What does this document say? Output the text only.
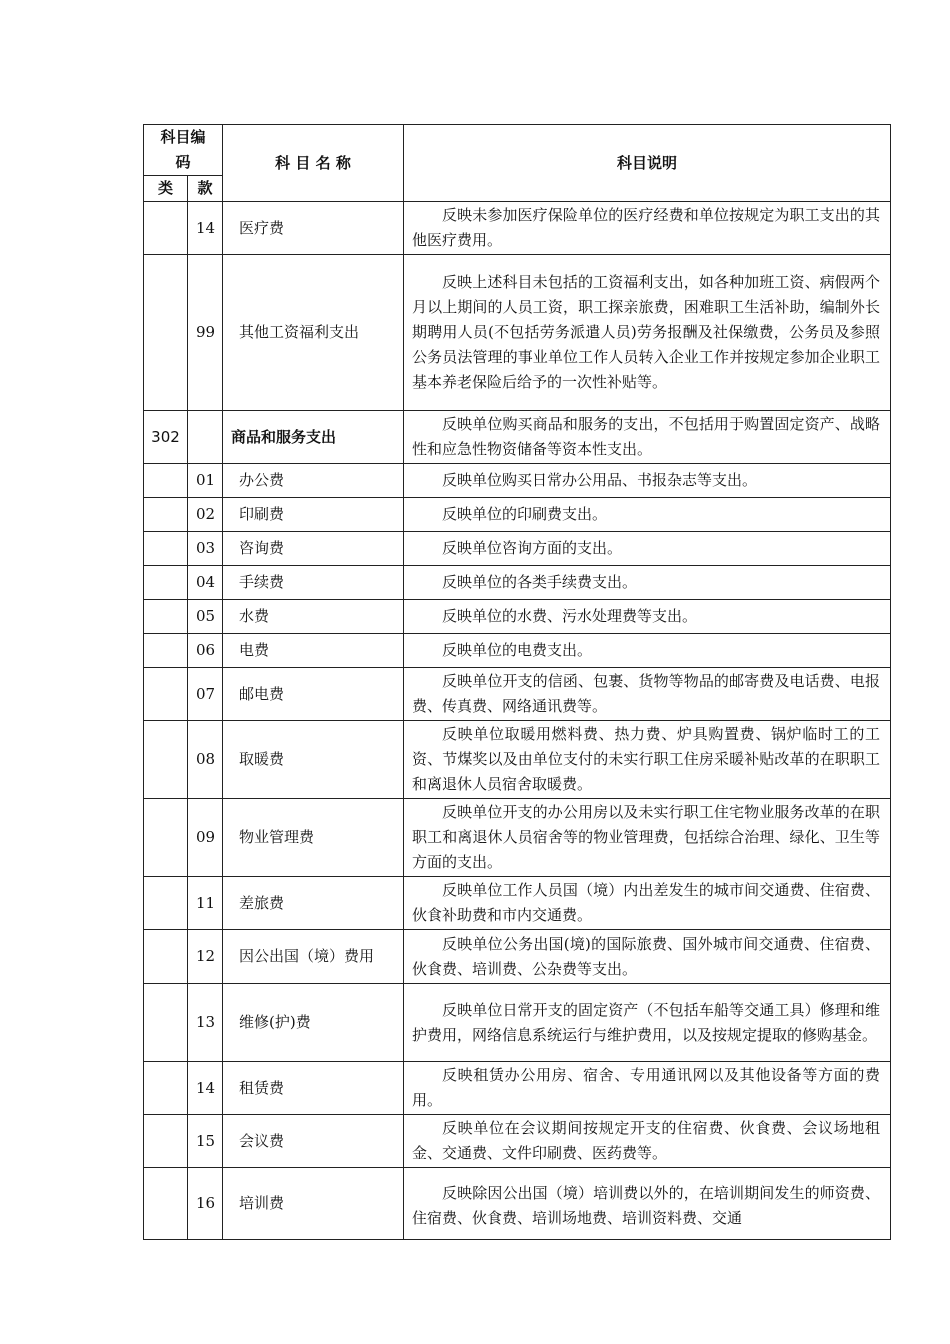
科目编码		科 目 名 称	科目说明
类	款		
	14	医疗费	反映未参加医疗保险单位的医疗经费和单位按规定为职工支出的其他医疗费用。
	99	其他工资福利支出	反映上述科目未包括的工资福利支出，如各种加班工资、病假两个月以上期间的人员工资，职工探亲旅费，困难职工生活补助，编制外长期聘用人员(不包括劳务派遣人员)劳务报酬及社保缴费，公务员及参照公务员法管理的事业单位工作人员转入企业工作并按规定参加企业职工基本养老保险后给予的一次性补贴等。
302		商品和服务支出	反映单位购买商品和服务的支出，不包括用于购置固定资产、战略性和应急性物资储备等资本性支出。
	01	办公费	反映单位购买日常办公用品、书报杂志等支出。
	02	印刷费	反映单位的印刷费支出。
	03	咨询费	反映单位咨询方面的支出。
	04	手续费	反映单位的各类手续费支出。
	05	水费	反映单位的水费、污水处理费等支出。
	06	电费	反映单位的电费支出。
	07	邮电费	反映单位开支的信函、包裹、货物等物品的邮寄费及电话费、电报费、传真费、网络通讯费等。
	08	取暖费	反映单位取暖用燃料费、热力费、炉具购置费、锅炉临时工的工资、节煤奖以及由单位支付的未实行职工住房采暖补贴改革的在职职工和离退休人员宿舍取暖费。
	09	物业管理费	反映单位开支的办公用房以及未实行职工住宅物业服务改革的在职职工和离退休人员宿舍等的物业管理费，包括综合治理、绿化、卫生等方面的支出。
	11	差旅费	反映单位工作人员国（境）内出差发生的城市间交通费、住宿费、伙食补助费和市内交通费。
	12	因公出国（境）费用	反映单位公务出国(境)的国际旅费、国外城市间交通费、住宿费、伙食费、培训费、公杂费等支出。
	13	维修(护)费	反映单位日常开支的固定资产（不包括车船等交通工具）修理和维护费用，网络信息系统运行与维护费用，以及按规定提取的修购基金。
	14	租赁费	反映租赁办公用房、宿舍、专用通讯网以及其他设备等方面的费用。
	15	会议费	反映单位在会议期间按规定开支的住宿费、伙食费、会议场地租金、交通费、文件印刷费、医药费等。
	16	培训费	反映除因公出国（境）培训费以外的，在培训期间发生的师资费、住宿费、伙食费、培训场地费、培训资料费、交通
